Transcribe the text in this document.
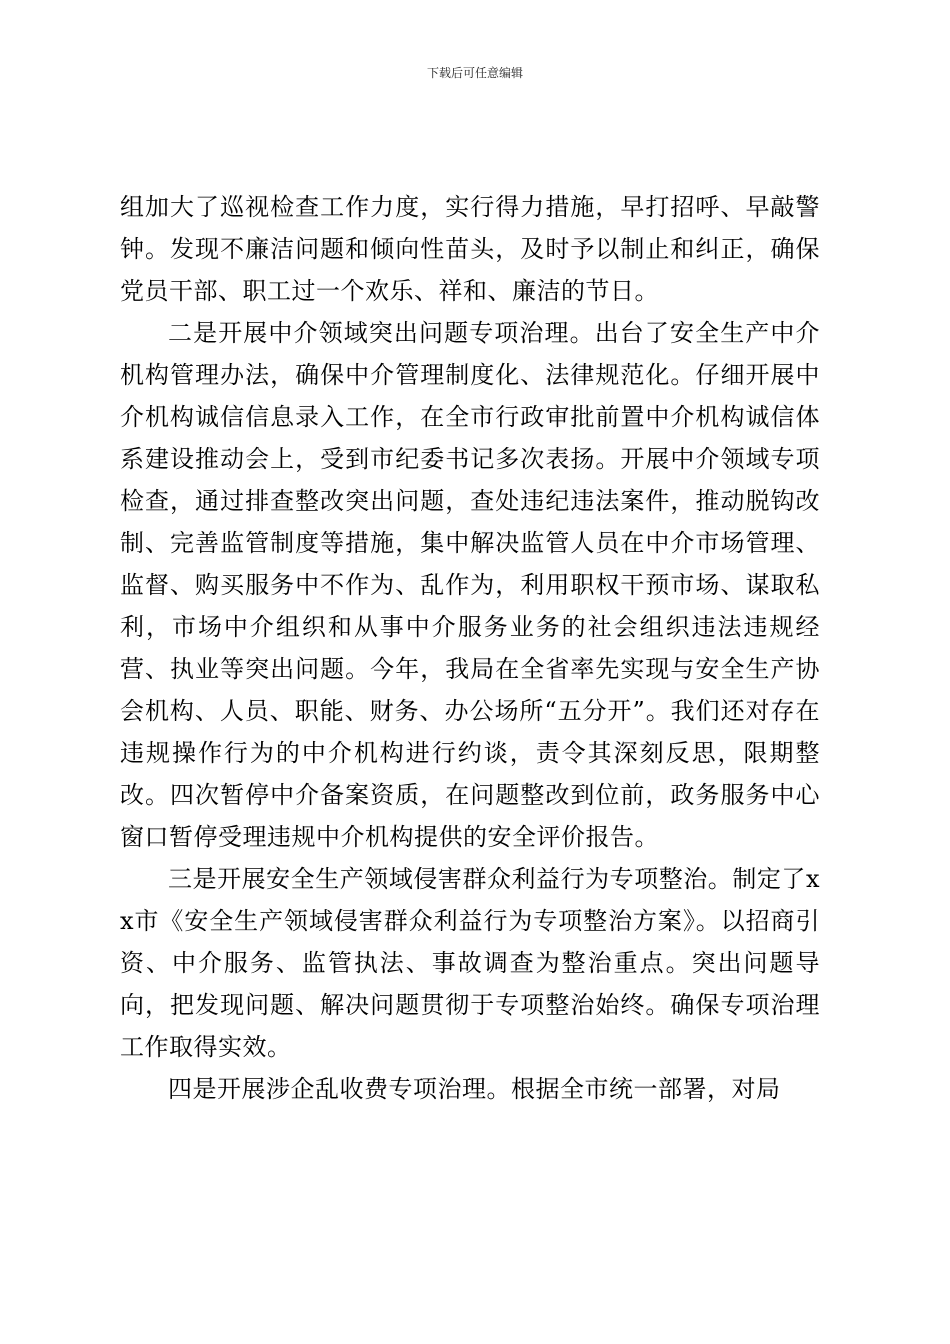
下载后可任意编辑

组加大了巡视检查工作力度，实行得力措施，早打招呼、早敲警钟。发现不廉洁问题和倾向性苗头，及时予以制止和纠正，确保党员干部、职工过一个欢乐、祥和、廉洁的节日。

二是开展中介领域突出问题专项治理。出台了安全生产中介机构管理办法，确保中介管理制度化、法律规范化。仔细开展中介机构诚信信息录入工作，在全市行政审批前置中介机构诚信体系建设推动会上，受到市纪委书记多次表扬。开展中介领域专项检查，通过排查整改突出问题，查处违纪违法案件，推动脱钩改制、完善监管制度等措施，集中解决监管人员在中介市场管理、监督、购买服务中不作为、乱作为，利用职权干预市场、谋取私利，市场中介组织和从事中介服务业务的社会组织违法违规经营、执业等突出问题。今年，我局在全省率先实现与安全生产协会机构、人员、职能、财务、办公场所“五分开”。我们还对存在违规操作行为的中介机构进行约谈，责令其深刻反思，限期整改。四次暂停中介备案资质，在问题整改到位前，政务服务中心窗口暂停受理违规中介机构提供的安全评价报告。

三是开展安全生产领域侵害群众利益行为专项整治。制定了xx市《安全生产领域侵害群众利益行为专项整治方案》。以招商引资、中介服务、监管执法、事故调查为整治重点。突出问题导向，把发现问题、解决问题贯彻于专项整治始终。确保专项治理工作取得实效。

四是开展涉企乱收费专项治理。根据全市统一部署，对局
